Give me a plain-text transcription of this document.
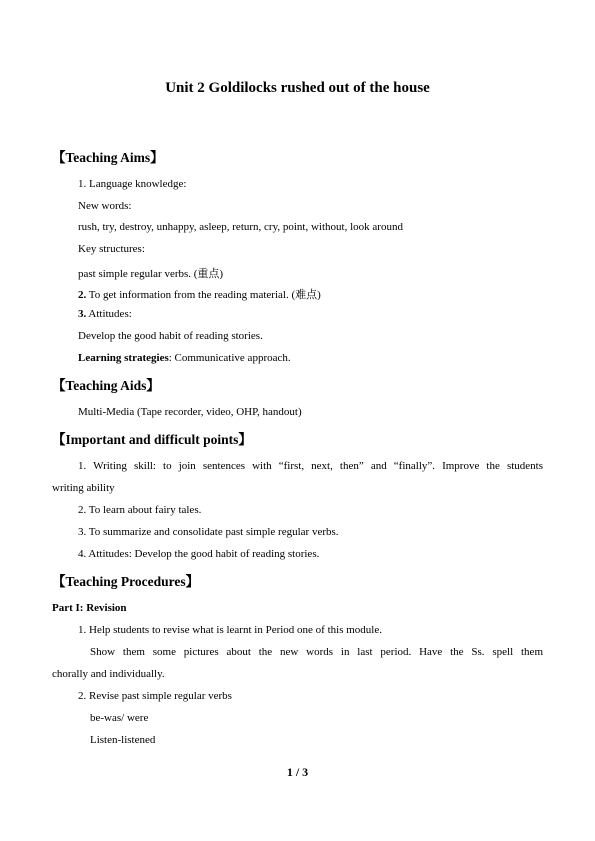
Unit 2 Goldilocks rushed out of the house
【Teaching Aims】
1. Language knowledge:
New words:
rush, try, destroy, unhappy, asleep, return, cry, point, without, look around
Key structures:
past simple regular verbs. (重点)
2. To get information from the reading material. (难点)
3. Attitudes:
Develop the good habit of reading stories.
Learning strategies: Communicative approach.
【Teaching Aids】
Multi-Media (Tape recorder, video, OHP, handout)
【Important and difficult points】
1. Writing skill: to join sentences with “first, next, then” and “finally”. Improve the students
writing ability
2. To learn about fairy tales.
3. To summarize and consolidate past simple regular verbs.
4. Attitudes: Develop the good habit of reading stories.
【Teaching Procedures】
Part I: Revision
1. Help students to revise what is learnt in Period one of this module.
Show them some pictures about the new words in last period. Have the Ss. spell them
chorally and individually.
2. Revise past simple regular verbs
be-was/ were
Listen-listened
1 / 3
